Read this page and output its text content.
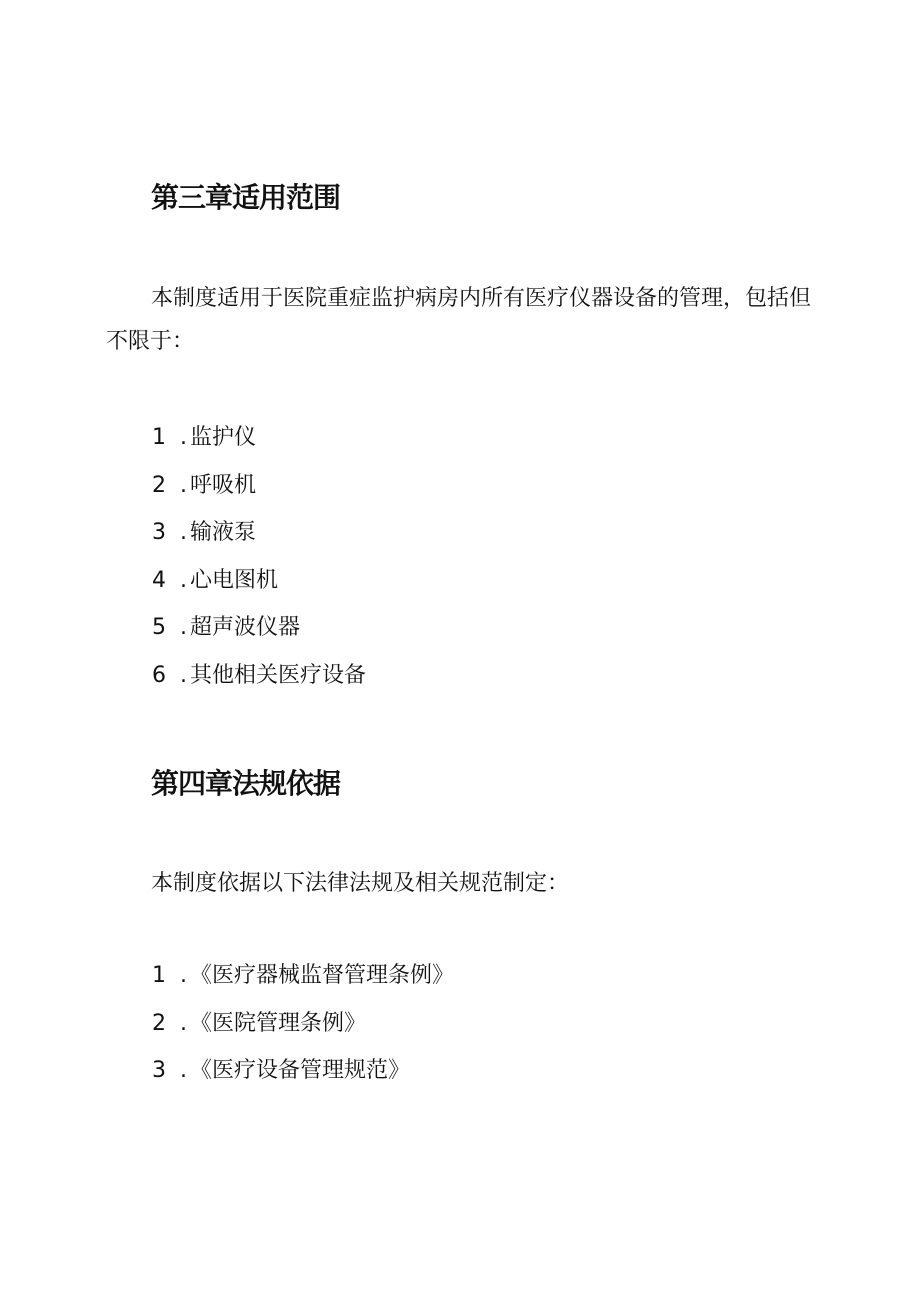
第三章适用范围

本制度适用于医院重症监护病房内所有医疗仪器设备的管理，包括但不限于：

1 . 监护仪
2 . 呼吸机
3 . 输液泵
4 . 心电图机
5 . 超声波仪器
6 . 其他相关医疗设备
第四章法规依据

本制度依据以下法律法规及相关规范制定：

1 . 《医疗器械监督管理条例》
2 . 《医院管理条例》
3 . 《医疗设备管理规范》
